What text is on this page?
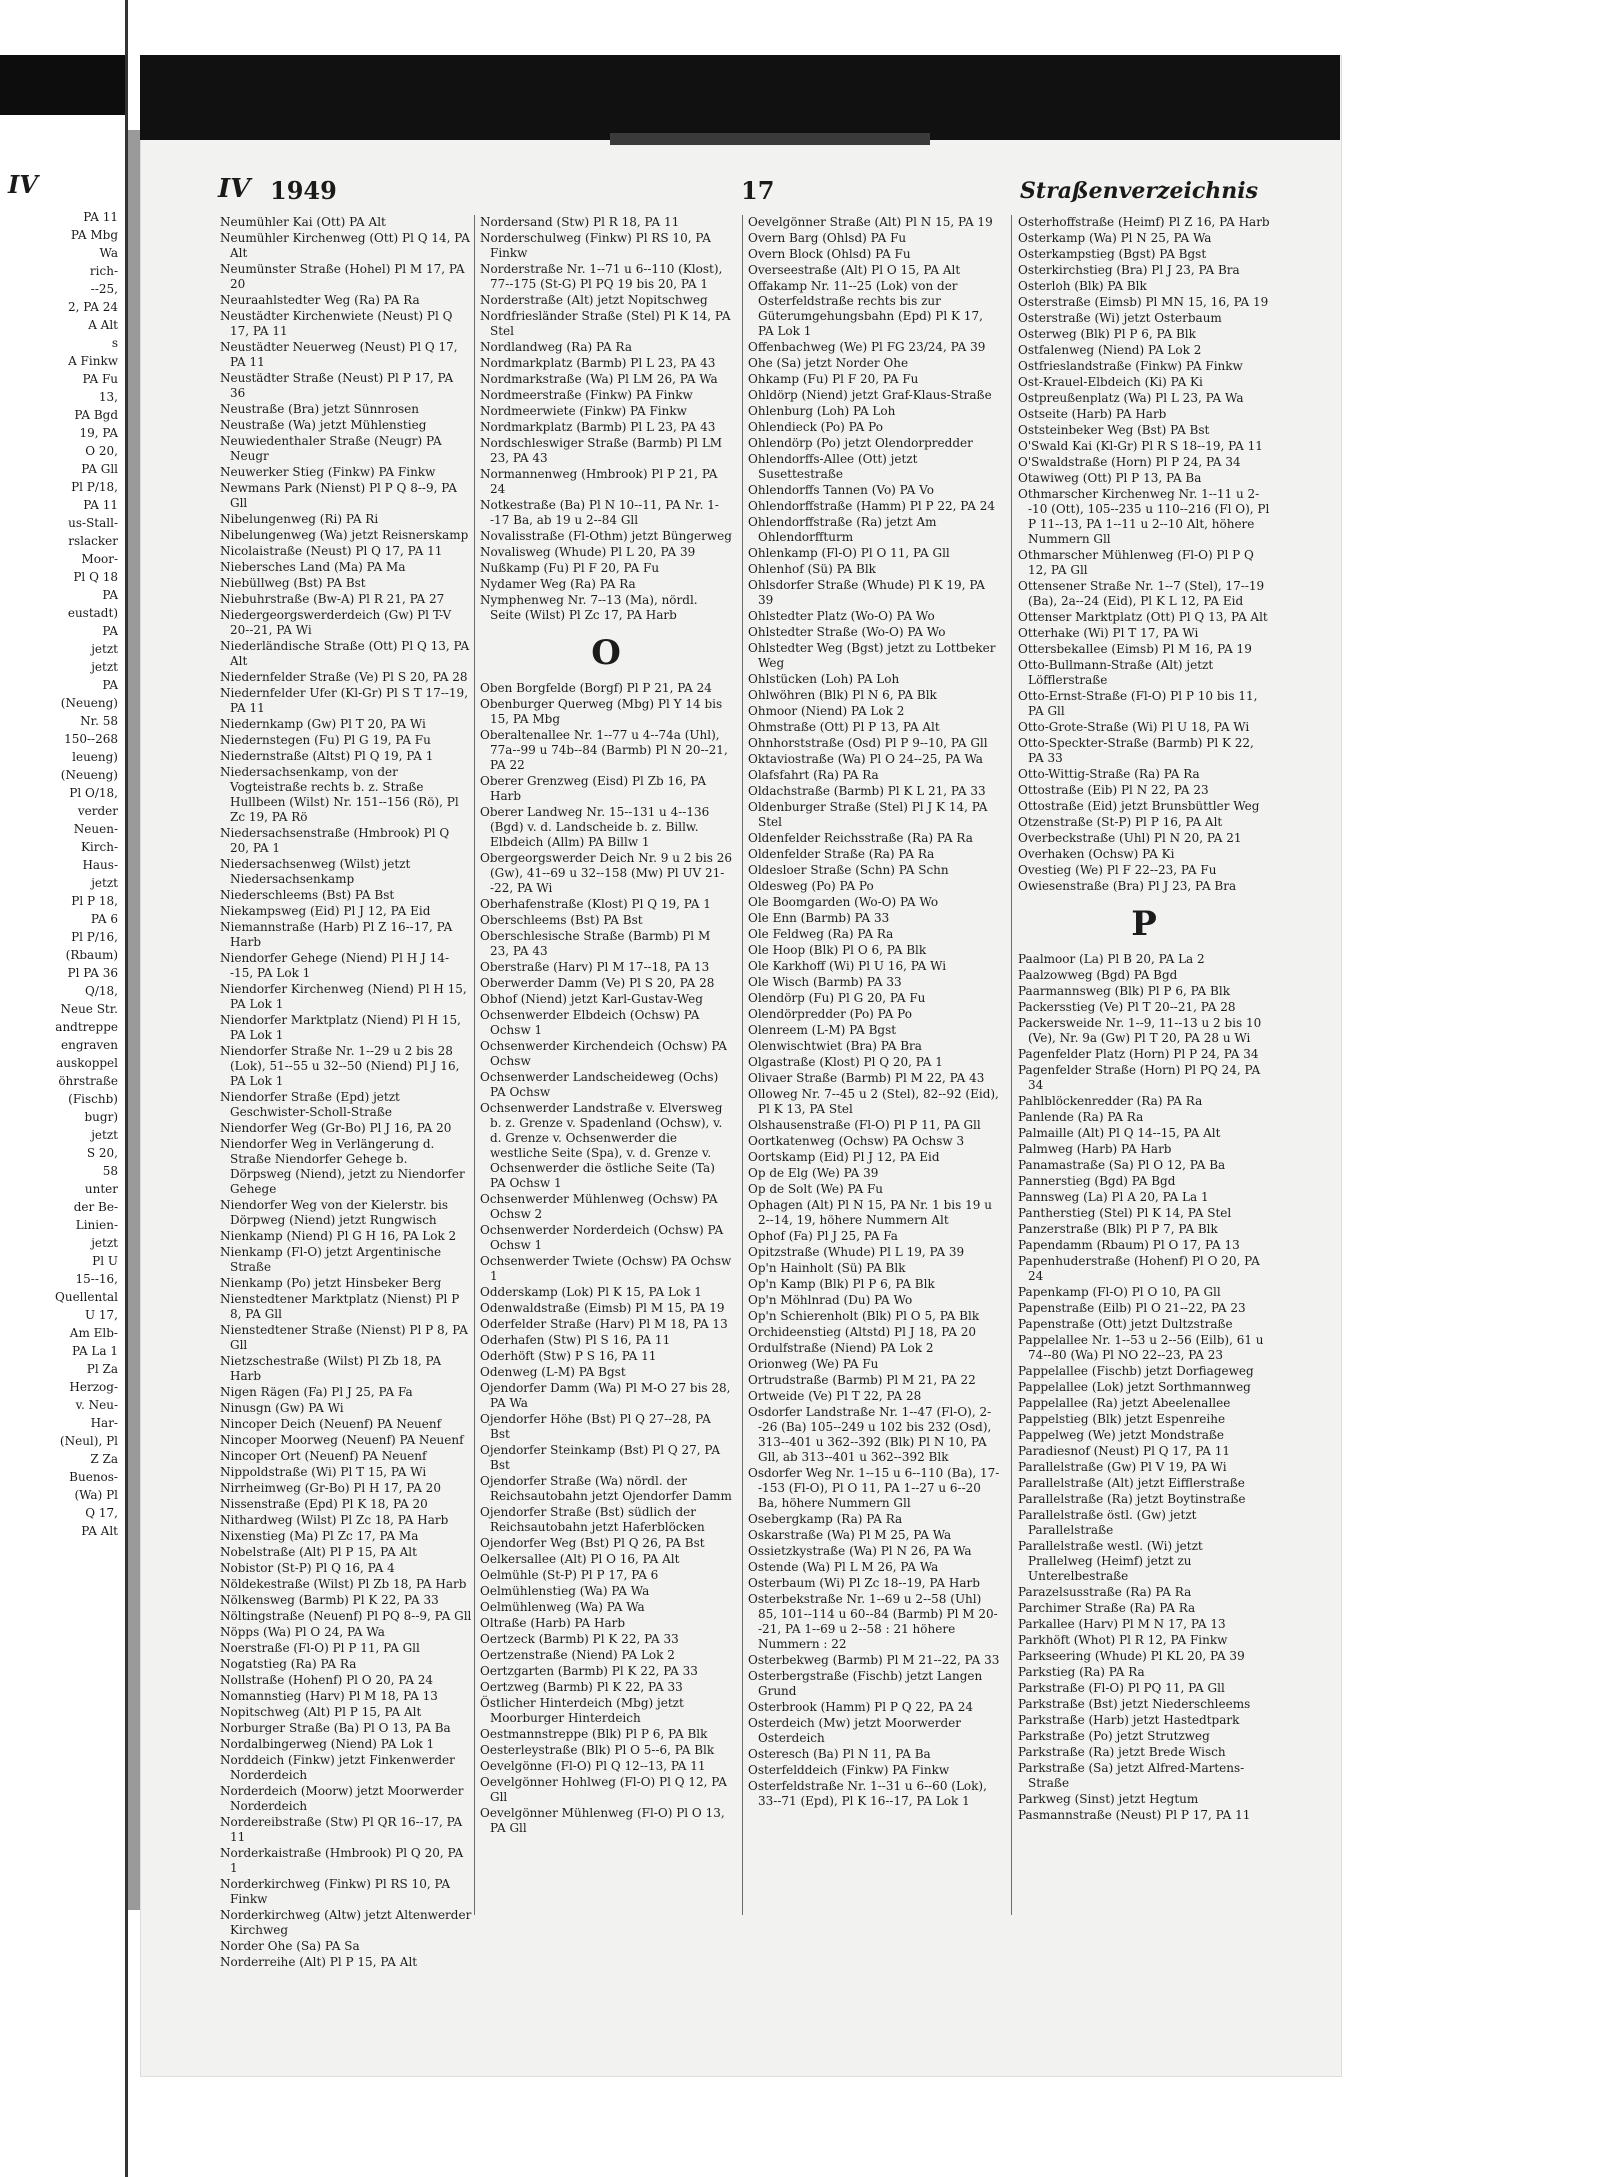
IV
PA 11
PA Mbg
Wa
rich-
--25,
2, PA 24
A Alt
s
A Finkw
PA Fu
13,
PA Bgd
19, PA
O 20,
PA Gll
Pl P/18,
PA 11
us-Stall-
rslacker
Moor-
Pl Q 18
PA
eustadt)
PA
jetzt
jetzt
PA
(Neueng)
Nr. 58
150--268
leueng)
(Neueng)
Pl O/18,
verder
Neuen-
Kirch-
Haus-
jetzt
Pl P 18,
PA 6
Pl P/16,
(Rbaum)
Pl PA 36
Q/18,
Neue Str.
andtreppe
engraven
auskoppel
öhrstraße
(Fischb)
bugr)
jetzt
S 20,
58
unter
der Be-
Linien-
jetzt
Pl U
15--16,
Quellental
U 17,
Am Elb-
PA La 1
Pl Za
Herzog-
v. Neu-
Har-
(Neul), Pl
Z Za
Buenos-
(Wa) Pl
Q 17,
PA Alt
IV 1949	17	Straßenverzeichnis
Neumühler Kai (Ott) PA Alt
Neumühler Kirchenweg (Ott) Pl Q 14, PA Alt
Neumünster Straße (Hohel) Pl M 17, PA 20
Neuraahlstedter Weg (Ra) PA Ra
Neustädter Kirchenwiete (Neust) Pl Q 17, PA 11
Neustädter Neuerweg (Neust) Pl Q 17, PA 11
Neustädter Straße (Neust) Pl P 17, PA 36
Neustraße (Bra) jetzt Sünnrosen
Neustraße (Wa) jetzt Mühlenstieg
Neuwiedenthaler Straße (Neugr) PA Neugr
Neuwerker Stieg (Finkw) PA Finkw
Newmans Park (Nienst) Pl P Q 8--9, PA Gll
Nibelungenweg (Ri) PA Ri
Nibelungenweg (Wa) jetzt Reisnerskamp
Nicolaistraße (Neust) Pl Q 17, PA 11
Niebersches Land (Ma) PA Ma
Niebüllweg (Bst) PA Bst
Niebuhrstraße (Bw-A) Pl R 21, PA 27
Niedergeorgswerderdeich (Gw) Pl T-V 20--21, PA Wi
Niederländische Straße (Ott) Pl Q 13, PA Alt
Niedernfelder Straße (Ve) Pl S 20, PA 28
Niedernfelder Ufer (Kl-Gr) Pl S T 17--19, PA 11
Niedernkamp (Gw) Pl T 20, PA Wi
Niedernstegen (Fu) Pl G 19, PA Fu
Niedernstraße (Altst) Pl Q 19, PA 1
Niedersachsenkamp, von der Vogteistraße rechts b. z. Straße Hullbeen (Wilst) Nr. 151--156 (Rö), Pl Zc 19, PA Rö
Niedersachsenstraße (Hmbrook) Pl Q 20, PA 1
Niedersachsenweg (Wilst) jetzt Niedersachsenkamp
Niederschleems (Bst) PA Bst
Niekampsweg (Eid) Pl J 12, PA Eid
Niemannstraße (Harb) Pl Z 16--17, PA Harb
Niendorfer Gehege (Niend) Pl H J 14--15, PA Lok 1
Niendorfer Kirchenweg (Niend) Pl H 15, PA Lok 1
Niendorfer Marktplatz (Niend) Pl H 15, PA Lok 1
Niendorfer Straße Nr. 1--29 u 2 bis 28 (Lok), 51--55 u 32--50 (Niend) Pl J 16, PA Lok 1
Niendorfer Straße (Epd) jetzt Geschwister-Scholl-Straße
Niendorfer Weg (Gr-Bo) Pl J 16, PA 20
Niendorfer Weg in Verlängerung d. Straße Niendorfer Gehege b. Dörpsweg (Niend), jetzt zu Niendorfer Gehege
Niendorfer Weg von der Kielerstr. bis Dörpweg (Niend) jetzt Rungwisch
Nienkamp (Niend) Pl G H 16, PA Lok 2
Nienkamp (Fl-O) jetzt Argentinische Straße
Nienkamp (Po) jetzt Hinsbeker Berg
Nienstedtener Marktplatz (Nienst) Pl P 8, PA Gll
Nienstedtener Straße (Nienst) Pl P 8, PA Gll
Nietzschestraße (Wilst) Pl Zb 18, PA Harb
Nigen Rägen (Fa) Pl J 25, PA Fa
Ninusgn (Gw) PA Wi
Nincoper Deich (Neuenf) PA Neuenf
Nincoper Moorweg (Neuenf) PA Neuenf
Nincoper Ort (Neuenf) PA Neuenf
Nippoldstraße (Wi) Pl T 15, PA Wi
Nirrheimweg (Gr-Bo) Pl H 17, PA 20
Nissenstraße (Epd) Pl K 18, PA 20
Nithardweg (Wilst) Pl Zc 18, PA Harb
Nixenstieg (Ma) Pl Zc 17, PA Ma
Nobelstraße (Alt) Pl P 15, PA Alt
Nobistor (St-P) Pl Q 16, PA 4
Nöldekestraße (Wilst) Pl Zb 18, PA Harb
Nölkensweg (Barmb) Pl K 22, PA 33
Nöltingstraße (Neuenf) Pl PQ 8--9, PA Gll
Nöpps (Wa) Pl O 24, PA Wa
Noerstraße (Fl-O) Pl P 11, PA Gll
Nogatstieg (Ra) PA Ra
Nollstraße (Hohenf) Pl O 20, PA 24
Nomannstieg (Harv) Pl M 18, PA 13
Nopitschweg (Alt) Pl P 15, PA Alt
Norburger Straße (Ba) Pl O 13, PA Ba
Nordalbingerweg (Niend) PA Lok 1
Norddeich (Finkw) jetzt Finkenwerder Norderdeich
Norderdeich (Moorw) jetzt Moorwerder Norderdeich
Nordereibstraße (Stw) Pl QR 16--17, PA 11
Norderkaistraße (Hmbrook) Pl Q 20, PA 1
Norderkirchweg (Finkw) Pl RS 10, PA Finkw
Norderkirchweg (Altw) jetzt Altenwerder Kirchweg
Norder Ohe (Sa) PA Sa
Norderreihe (Alt) Pl P 15, PA Alt
Nordersand (Stw) Pl R 18, PA 11
Norderschulweg (Finkw) Pl RS 10, PA Finkw
Norderstraße Nr. 1--71 u 6--110 (Klost), 77--175 (St-G) Pl PQ 19 bis 20, PA 1
Norderstraße (Alt) jetzt Nopitschweg
Nordfriesländer Straße (Stel) Pl K 14, PA Stel
Nordlandweg (Ra) PA Ra
Nordmarkplatz (Barmb) Pl L 23, PA 43
Nordmarkstraße (Wa) Pl LM 26, PA Wa
Nordmeerstraße (Finkw) PA Finkw
Nordmeerwiete (Finkw) PA Finkw
Nordmarkplatz (Barmb) Pl L 23, PA 43
Nordschleswiger Straße (Barmb) Pl LM 23, PA 43
Normannenweg (Hmbrook) Pl P 21, PA 24
Notkestraße (Ba) Pl N 10--11, PA Nr. 1--17 Ba, ab 19 u 2--84 Gll
Novalisstraße (Fl-Othm) jetzt Büngerweg
Novalisweg (Whude) Pl L 20, PA 39
Nußkamp (Fu) Pl F 20, PA Fu
Nydamer Weg (Ra) PA Ra
Nymphenweg Nr. 7--13 (Ma), nördl. Seite (Wilst) Pl Zc 17, PA Harb
O
Oben Borgfelde (Borgf) Pl P 21, PA 24
Obenburger Querweg (Mbg) Pl Y 14 bis 15, PA Mbg
Oberaltenallee Nr. 1--77 u 4--74a (Uhl), 77a--99 u 74b--84 (Barmb) Pl N 20--21, PA 22
Oberer Grenzweg (Eisd) Pl Zb 16, PA Harb
Oberer Landweg Nr. 15--131 u 4--136 (Bgd) v. d. Landscheide b. z. Billw. Elbdeich (Allm) PA Billw 1
Obergeorgswerder Deich Nr. 9 u 2 bis 26 (Gw), 41--69 u 32--158 (Mw) Pl UV 21--22, PA Wi
Oberhafenstraße (Klost) Pl Q 19, PA 1
Oberschleems (Bst) PA Bst
Oberschlesische Straße (Barmb) Pl M 23, PA 43
Oberstraße (Harv) Pl M 17--18, PA 13
Oberwerder Damm (Ve) Pl S 20, PA 28
Obhof (Niend) jetzt Karl-Gustav-Weg
Ochsenwerder Elbdeich (Ochsw) PA Ochsw 1
Ochsenwerder Kirchendeich (Ochsw) PA Ochsw
Ochsenwerder Landscheideweg (Ochs) PA Ochsw
Ochsenwerder Landstraße v. Elversweg b. z. Grenze v. Spadenland (Ochsw), v. d. Grenze v. Ochsenwerder die westliche Seite (Spa), v. d. Grenze v. Ochsenwerder die östliche Seite (Ta) PA Ochsw 1
Ochsenwerder Mühlenweg (Ochsw) PA Ochsw 2
Ochsenwerder Norderdeich (Ochsw) PA Ochsw 1
Ochsenwerder Twiete (Ochsw) PA Ochsw 1
Odderskamp (Lok) Pl K 15, PA Lok 1
Odenwaldstraße (Eimsb) Pl M 15, PA 19
Oderfelder Straße (Harv) Pl M 18, PA 13
Oderhafen (Stw) Pl S 16, PA 11
Oderhöft (Stw) P S 16, PA 11
Odenweg (L-M) PA Bgst
Ojendorfer Damm (Wa) Pl M-O 27 bis 28, PA Wa
Ojendorfer Höhe (Bst) Pl Q 27--28, PA Bst
Ojendorfer Steinkamp (Bst) Pl Q 27, PA Bst
Ojendorfer Straße (Wa) nördl. der Reichsautobahn jetzt Ojendorfer Damm
Ojendorfer Straße (Bst) südlich der Reichsautobahn jetzt Haferblöcken
Ojendorfer Weg (Bst) Pl Q 26, PA Bst
Oelkersallee (Alt) Pl O 16, PA Alt
Oelmühle (St-P) Pl P 17, PA 6
Oelmühlenstieg (Wa) PA Wa
Oelmühlenweg (Wa) PA Wa
Oltraße (Harb) PA Harb
Oertzeck (Barmb) Pl K 22, PA 33
Oertzenstraße (Niend) PA Lok 2
Oertzgarten (Barmb) Pl K 22, PA 33
Oertzweg (Barmb) Pl K 22, PA 33
Östlicher Hinterdeich (Mbg) jetzt Moorburger Hinterdeich
Oestmannstreppe (Blk) Pl P 6, PA Blk
Oesterleystraße (Blk) Pl O 5--6, PA Blk
Oevelgönne (Fl-O) Pl Q 12--13, PA 11
Oevelgönner Hohlweg (Fl-O) Pl Q 12, PA Gll
Oevelgönner Mühlenweg (Fl-O) Pl O 13, PA Gll
Oevelgönner Straße (Alt) Pl N 15, PA 19
Overn Barg (Ohlsd) PA Fu
Overn Block (Ohlsd) PA Fu
Overseestraße (Alt) Pl O 15, PA Alt
Offakamp Nr. 11--25 (Lok) von der Osterfeldstraße rechts bis zur Güterumgehungsbahn (Epd) Pl K 17, PA Lok 1
Offenbachweg (We) Pl FG 23/24, PA 39
Ohe (Sa) jetzt Norder Ohe
Ohkamp (Fu) Pl F 20, PA Fu
Ohldörp (Niend) jetzt Graf-Klaus-Straße
Ohlenburg (Loh) PA Loh
Ohlendieck (Po) PA Po
Ohlendörp (Po) jetzt Olendorpredder
Ohlendorffs-Allee (Ott) jetzt Susettestraße
Ohlendorffs Tannen (Vo) PA Vo
Ohlendorffstraße (Hamm) Pl P 22, PA 24
Ohlendorffstraße (Ra) jetzt Am Ohlendorffturm
Ohlenkamp (Fl-O) Pl O 11, PA Gll
Ohlenhof (Sü) PA Blk
Ohlsdorfer Straße (Whude) Pl K 19, PA 39
Ohlstedter Platz (Wo-O) PA Wo
Ohlstedter Straße (Wo-O) PA Wo
Ohlstedter Weg (Bgst) jetzt zu Lottbeker Weg
Ohlstücken (Loh) PA Loh
Ohlwöhren (Blk) Pl N 6, PA Blk
Ohmoor (Niend) PA Lok 2
Ohmstraße (Ott) Pl P 13, PA Alt
Ohnhorststraße (Osd) Pl P 9--10, PA Gll
Oktaviostraße (Wa) Pl O 24--25, PA Wa
Olafsfahrt (Ra) PA Ra
Oldachstraße (Barmb) Pl K L 21, PA 33
Oldenburger Straße (Stel) Pl J K 14, PA Stel
Oldenfelder Reichsstraße (Ra) PA Ra
Oldenfelder Straße (Ra) PA Ra
Oldesloer Straße (Schn) PA Schn
Oldesweg (Po) PA Po
Ole Boomgarden (Wo-O) PA Wo
Ole Enn (Barmb) PA 33
Ole Feldweg (Ra) PA Ra
Ole Hoop (Blk) Pl O 6, PA Blk
Ole Karkhoff (Wi) Pl U 16, PA Wi
Ole Wisch (Barmb) PA 33
Olendörp (Fu) Pl G 20, PA Fu
Olendörpredder (Po) PA Po
Olenreem (L-M) PA Bgst
Olenwischtwiet (Bra) PA Bra
Olgastraße (Klost) Pl Q 20, PA 1
Olivaer Straße (Barmb) Pl M 22, PA 43
Olloweg Nr. 7--45 u 2 (Stel), 82--92 (Eid), Pl K 13, PA Stel
Olshausenstraße (Fl-O) Pl P 11, PA Gll
Oortkatenweg (Ochsw) PA Ochsw 3
Oortskamp (Eid) Pl J 12, PA Eid
Op de Elg (We) PA 39
Op de Solt (We) PA Fu
Ophagen (Alt) Pl N 15, PA Nr. 1 bis 19 u 2--14, 19, höhere Nummern Alt
Ophof (Fa) Pl J 25, PA Fa
Opitzstraße (Whude) Pl L 19, PA 39
Op'n Hainholt (Sü) PA Blk
Op'n Kamp (Blk) Pl P 6, PA Blk
Op'n Möhlnrad (Du) PA Wo
Op'n Schierenholt (Blk) Pl O 5, PA Blk
Orchideenstieg (Altstd) Pl J 18, PA 20
Ordulfstraße (Niend) PA Lok 2
Orionweg (We) PA Fu
Ortrudstraße (Barmb) Pl M 21, PA 22
Ortweide (Ve) Pl T 22, PA 28
Osdorfer Landstraße Nr. 1--47 (Fl-O), 2--26 (Ba) 105--249 u 102 bis 232 (Osd), 313--401 u 362--392 (Blk) Pl N 10, PA Gll, ab 313--401 u 362--392 Blk
Osdorfer Weg Nr. 1--15 u 6--110 (Ba), 17--153 (Fl-O), Pl O 11, PA 1--27 u 6--20 Ba, höhere Nummern Gll
Osebergkamp (Ra) PA Ra
Oskarstraße (Wa) Pl M 25, PA Wa
Ossietzkystraße (Wa) Pl N 26, PA Wa
Ostende (Wa) Pl L M 26, PA Wa
Osterbaum (Wi) Pl Zc 18--19, PA Harb
Osterbekstraße Nr. 1--69 u 2--58 (Uhl) 85, 101--114 u 60--84 (Barmb) Pl M 20--21, PA 1--69 u 2--58 : 21 höhere Nummern : 22
Osterbekweg (Barmb) Pl M 21--22, PA 33
Osterbergstraße (Fischb) jetzt Langen Grund
Osterbrook (Hamm) Pl P Q 22, PA 24
Osterdeich (Mw) jetzt Moorwerder Osterdeich
Osteresch (Ba) Pl N 11, PA Ba
Osterfelddeich (Finkw) PA Finkw
Osterfeldstraße Nr. 1--31 u 6--60 (Lok), 33--71 (Epd), Pl K 16--17, PA Lok 1
Osterhoffstraße (Heimf) Pl Z 16, PA Harb
Osterkamp (Wa) Pl N 25, PA Wa
Osterkampstieg (Bgst) PA Bgst
Osterkirchstieg (Bra) Pl J 23, PA Bra
Osterloh (Blk) PA Blk
Osterstraße (Eimsb) Pl MN 15, 16, PA 19
Osterstraße (Wi) jetzt Osterbaum
Osterweg (Blk) Pl P 6, PA Blk
Ostfalenweg (Niend) PA Lok 2
Ostfrieslandstraße (Finkw) PA Finkw
Ost-Krauel-Elbdeich (Ki) PA Ki
Ostpreußenplatz (Wa) Pl L 23, PA Wa
Ostseite (Harb) PA Harb
Oststeinbeker Weg (Bst) PA Bst
O'Swald Kai (Kl-Gr) Pl R S 18--19, PA 11
O'Swaldstraße (Horn) Pl P 24, PA 34
Otawiweg (Ott) Pl P 13, PA Ba
Othmarscher Kirchenweg Nr. 1--11 u 2--10 (Ott), 105--235 u 110--216 (Fl O), Pl P 11--13, PA 1--11 u 2--10 Alt, höhere Nummern Gll
Othmarscher Mühlenweg (Fl-O) Pl P Q 12, PA Gll
Ottensener Straße Nr. 1--7 (Stel), 17--19 (Ba), 2a--24 (Eid), Pl K L 12, PA Eid
Ottenser Marktplatz (Ott) Pl Q 13, PA Alt
Otterhake (Wi) Pl T 17, PA Wi
Ottersbekallee (Eimsb) Pl M 16, PA 19
Otto-Bullmann-Straße (Alt) jetzt Löfflerstraße
Otto-Ernst-Straße (Fl-O) Pl P 10 bis 11, PA Gll
Otto-Grote-Straße (Wi) Pl U 18, PA Wi
Otto-Speckter-Straße (Barmb) Pl K 22, PA 33
Otto-Wittig-Straße (Ra) PA Ra
Ottostraße (Eib) Pl N 22, PA 23
Ottostraße (Eid) jetzt Brunsbüttler Weg
Otzenstraße (St-P) Pl P 16, PA Alt
Overbeckstraße (Uhl) Pl N 20, PA 21
Overhaken (Ochsw) PA Ki
Ovestieg (We) Pl F 22--23, PA Fu
Owiesenstraße (Bra) Pl J 23, PA Bra
P
Paalmoor (La) Pl B 20, PA La 2
Paalzowweg (Bgd) PA Bgd
Paarmannsweg (Blk) Pl P 6, PA Blk
Packersstieg (Ve) Pl T 20--21, PA 28
Packersweide Nr. 1--9, 11--13 u 2 bis 10 (Ve), Nr. 9a (Gw) Pl T 20, PA 28 u Wi
Pagenfelder Platz (Horn) Pl P 24, PA 34
Pagenfelder Straße (Horn) Pl PQ 24, PA 34
Pahlblöckenredder (Ra) PA Ra
Panlende (Ra) PA Ra
Palmaille (Alt) Pl Q 14--15, PA Alt
Palmweg (Harb) PA Harb
Panamastraße (Sa) Pl O 12, PA Ba
Pannerstieg (Bgd) PA Bgd
Pannsweg (La) Pl A 20, PA La 1
Pantherstieg (Stel) Pl K 14, PA Stel
Panzerstraße (Blk) Pl P 7, PA Blk
Papendamm (Rbaum) Pl O 17, PA 13
Papenhuderstraße (Hohenf) Pl O 20, PA 24
Papenkamp (Fl-O) Pl O 10, PA Gll
Papenstraße (Eilb) Pl O 21--22, PA 23
Papenstraße (Ott) jetzt Dultzstraße
Pappelallee Nr. 1--53 u 2--56 (Eilb), 61 u 74--80 (Wa) Pl NO 22--23, PA 23
Pappelallee (Fischb) jetzt Dorfiageweg
Pappelallee (Lok) jetzt Sorthmannweg
Pappelallee (Ra) jetzt Abeelenallee
Pappelstieg (Blk) jetzt Espenreihe
Pappelweg (We) jetzt Mondstraße
Paradiesnof (Neust) Pl Q 17, PA 11
Parallelstraße (Gw) Pl V 19, PA Wi
Parallelstraße (Alt) jetzt Eifflerstraße
Parallelstraße (Ra) jetzt Boytinstraße
Parallelstraße östl. (Gw) jetzt Parallelstraße
Parallelstraße westl. (Wi) jetzt Prallelweg (Heimf) jetzt zu Unterelbestraße
Parazelsusstraße (Ra) PA Ra
Parchimer Straße (Ra) PA Ra
Parkallee (Harv) Pl M N 17, PA 13
Parkhöft (Whot) Pl R 12, PA Finkw
Parkseering (Whude) Pl KL 20, PA 39
Parkstieg (Ra) PA Ra
Parkstraße (Fl-O) Pl PQ 11, PA Gll
Parkstraße (Bst) jetzt Niederschleems
Parkstraße (Harb) jetzt Hastedtpark
Parkstraße (Po) jetzt Strutzweg
Parkstraße (Ra) jetzt Brede Wisch
Parkstraße (Sa) jetzt Alfred-Martens-Straße
Parkweg (Sinst) jetzt Hegtum
Pasmannstraße (Neust) Pl P 17, PA 11
